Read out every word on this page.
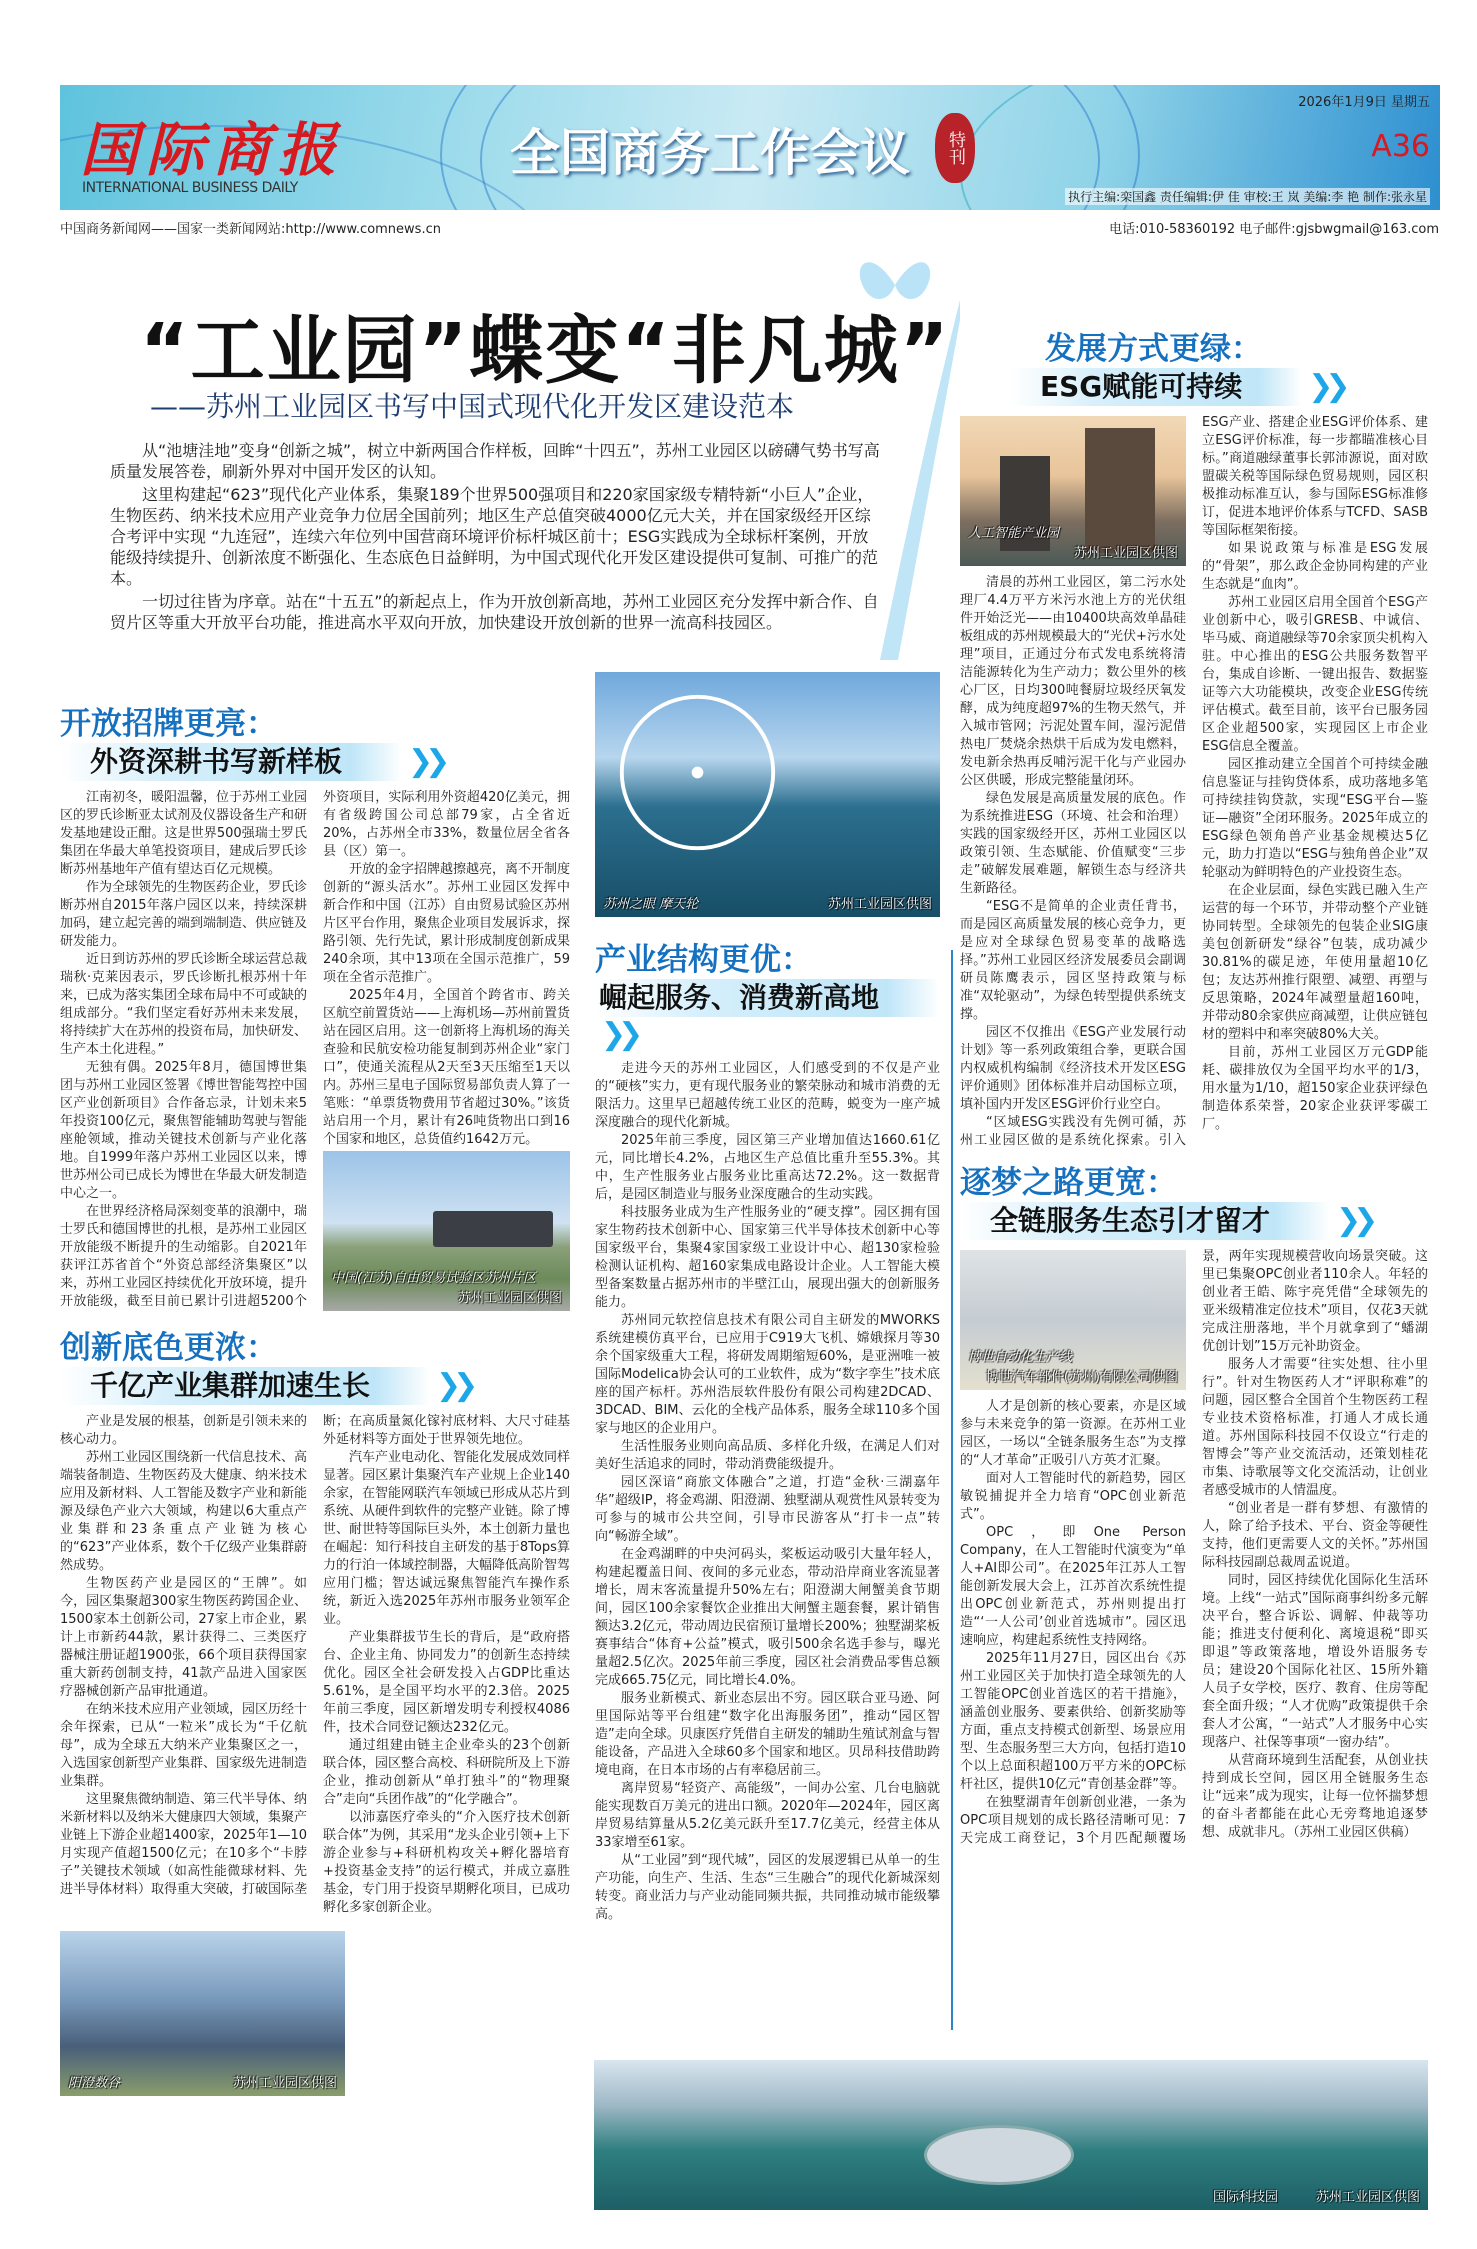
国际商报
INTERNATIONAL BUSINESS DAILY
全国商务工作会议	特刊
2026年1月9日 星期五
A36
执行主编:栾国鑫 责任编辑:伊 佳 审校:王 岚 美编:李 艳 制作:张永星
中国商务新闻网——国家一类新闻网站:http://www.comnews.cn	电话:010-58360192 电子邮件:gjsbwgmail@163.com
“工业园”蝶变“非凡城”
——苏州工业园区书写中国式现代化开发区建设范本

从“池塘洼地”变身“创新之城”，树立中新两国合作样板，回眸“十四五”，苏州工业园区以磅礴气势书写高质量发展答卷，刷新外界对中国开发区的认知。

这里构建起“623”现代化产业体系，集聚189个世界500强项目和220家国家级专精特新“小巨人”企业，生物医药、纳米技术应用产业竞争力位居全国前列；地区生产总值突破4000亿元大关，并在国家级经开区综合考评中实现 “九连冠”，连续六年位列中国营商环境评价标杆城区前十；ESG实践成为全球标杆案例，开放能级持续提升、创新浓度不断强化、生态底色日益鲜明，为中国式现代化开发区建设提供可复制、可推广的范本。

一切过往皆为序章。站在“十五五”的新起点上，作为开放创新高地，苏州工业园区充分发挥中新合作、自贸片区等重大开放平台功能，推进高水平双向开放，加快建设开放创新的世界一流高科技园区。

开放招牌更亮：
外资深耕书写新样板 ❯❯

江南初冬，暖阳温馨，位于苏州工业园区的罗氏诊断亚太试剂及仪器设备生产和研发基地建设正酣。这是世界500强瑞士罗氏集团在华最大单笔投资项目，建成后罗氏诊断苏州基地年产值有望达百亿元规模。

作为全球领先的生物医药企业，罗氏诊断苏州自2015年落户园区以来，持续深耕加码，建立起完善的端到端制造、供应链及研发能力。

近日到访苏州的罗氏诊断全球运营总裁瑞秋·克莱因表示，罗氏诊断扎根苏州十年来，已成为落实集团全球布局中不可或缺的组成部分。“我们坚定看好苏州未来发展，将持续扩大在苏州的投资布局，加快研发、生产本土化进程。”

无独有偶。2025年8月，德国博世集团与苏州工业园区签署《博世智能驾控中国区产业创新项目》合作备忘录，计划未来5年投资100亿元，聚焦智能辅助驾驶与智能座舱领域，推动关键技术创新与产业化落地。自1999年落户苏州工业园区以来，博世苏州公司已成长为博世在华最大研发制造中心之一。

在世界经济格局深刻变革的浪潮中，瑞士罗氏和德国博世的扎根，是苏州工业园区开放能级不断提升的生动缩影。自2021年获评江苏省首个“外资总部经济集聚区”以来，苏州工业园区持续优化开放环境，提升开放能级，截至目前已累计引进超5200个外资项目，实际利用外资超420亿美元，拥有省级跨国公司总部79家，占全省近20%，占苏州全市33%，数量位居全省各县（区）第一。

开放的金字招牌越擦越亮，离不开制度创新的“源头活水”。苏州工业园区发挥中新合作和中国（江苏）自由贸易试验区苏州片区平台作用，聚焦企业项目发展诉求，探路引领、先行先试，累计形成制度创新成果240余项，其中13项在全国示范推广，59项在全省示范推广。

2025年4月，全国首个跨省市、跨关区航空前置货站——上海机场—苏州前置货站在园区启用。这一创新将上海机场的海关查验和民航安检功能复制到苏州企业“家门口”，使通关流程从2天至3天压缩至1天以内。苏州三星电子国际贸易部负责人算了一笔账：“单票货物费用节省超过30%。”该货站启用一个月，累计有26吨货物出口到16个国家和地区，总货值约1642万元。

中国(江苏)自由贸易试验区苏州片区
苏州工业园区供图
创新底色更浓：
千亿产业集群加速生长 ❯❯

产业是发展的根基，创新是引领未来的核心动力。

苏州工业园区围绕新一代信息技术、高端装备制造、生物医药及大健康、纳米技术应用及新材料、人工智能及数字产业和新能源及绿色产业六大领域，构建以6大重点产业集群和23条重点产业链为核心的“623”产业体系，数个千亿级产业集群蔚然成势。

生物医药产业是园区的“王牌”。如今，园区集聚超300家生物医药跨国企业、1500家本土创新公司，27家上市企业，累计上市新药44款，累计获得二、三类医疗器械注册证超1900张，66个项目获得国家重大新药创制支持，41款产品进入国家医疗器械创新产品审批通道。

在纳米技术应用产业领域，园区历经十余年探索，已从“一粒米”成长为“千亿航母”，成为全球五大纳米产业集聚区之一，入选国家创新型产业集群、国家级先进制造业集群。

这里聚焦微纳制造、第三代半导体、纳米新材料以及纳米大健康四大领域，集聚产业链上下游企业超1400家，2025年1—10月实现产值超1500亿元；在10多个“卡脖子”关键技术领域（如高性能微球材料、先进半导体材料）取得重大突破，打破国际垄断；在高质量氮化镓衬底材料、大尺寸硅基外延材料等方面处于世界领先地位。

汽车产业电动化、智能化发展成效同样显著。园区累计集聚汽车产业规上企业140余家，在智能网联汽车领域已形成从芯片到系统、从硬件到软件的完整产业链。除了博世、耐世特等国际巨头外，本土创新力量也在崛起：知行科技自主研发的基于8Tops算力的行泊一体域控制器，大幅降低高阶智驾应用门槛；智达诚远聚焦智能汽车操作系统，新近入选2025年苏州市服务业领军企业。

产业集群拔节生长的背后，是“政府搭台、企业主角、协同发力”的创新生态持续优化。园区全社会研发投入占GDP比重达5.61%，是全国平均水平的2.3倍。2025年前三季度，园区新增发明专利授权4086件，技术合同登记额达232亿元。

通过组建由链主企业牵头的23个创新联合体，园区整合高校、科研院所及上下游企业，推动创新从“单打独斗”的“物理聚合”走向“兵团作战”的“化学融合”。

以沛嘉医疗牵头的“介入医疗技术创新联合体”为例，其采用“龙头企业引领+上下游企业参与+科研机构攻关+孵化器培育+投资基金支持”的运行模式，并成立嘉胜基金，专门用于投资早期孵化项目，已成功孵化多家创新企业。

阳澄数谷	苏州工业园区供图
苏州之眼 摩天轮	苏州工业园区供图
产业结构更优：
崛起服务、消费新高地❯❯

走进今天的苏州工业园区，人们感受到的不仅是产业的“硬核”实力，更有现代服务业的繁荣脉动和城市消费的无限活力。这里早已超越传统工业区的范畴，蜕变为一座产城深度融合的现代化新城。

2025年前三季度，园区第三产业增加值达1660.61亿元，同比增长4.2%，占地区生产总值比重升至55.3%。其中，生产性服务业占服务业比重高达72.2%。这一数据背后，是园区制造业与服务业深度融合的生动实践。

科技服务业成为生产性服务业的“硬支撑”。园区拥有国家生物药技术创新中心、国家第三代半导体技术创新中心等国家级平台，集聚4家国家级工业设计中心、超130家检验检测认证机构、超160家集成电路设计企业。人工智能大模型备案数量占据苏州市的半壁江山，展现出强大的创新服务能力。

苏州同元软控信息技术有限公司自主研发的MWORKS系统建模仿真平台，已应用于C919大飞机、嫦娥探月等30余个国家级重大工程，将研发周期缩短60%，是亚洲唯一被国际Modelica协会认可的工业软件，成为“数字孪生”技术底座的国产标杆。苏州浩辰软件股份有限公司构建2DCAD、3DCAD、BIM、云化的全栈产品体系，服务全球110多个国家与地区的企业用户。

生活性服务业则向高品质、多样化升级，在满足人们对美好生活追求的同时，带动消费能级提升。

园区深谙“商旅文体融合”之道，打造“金秋·三湖嘉年华”超级IP，将金鸡湖、阳澄湖、独墅湖从观赏性风景转变为可参与的城市公共空间，引导市民游客从“打卡一点”转向“畅游全域”。

在金鸡湖畔的中央河码头，桨板运动吸引大量年轻人，构建起覆盖日间、夜间的多元业态，带动沿岸商业客流显著增长，周末客流量提升50%左右；阳澄湖大闸蟹美食节期间，园区100余家餐饮企业推出大闸蟹主题套餐，累计销售额达3.2亿元，带动周边民宿预订量增长200%；独墅湖桨板赛事结合“体育+公益”模式，吸引500余名选手参与，曝光量超2.5亿次。2025年前三季度，园区社会消费品零售总额完成665.75亿元，同比增长4.0%。

服务业新模式、新业态层出不穷。园区联合亚马逊、阿里国际站等平台组建“数字化出海服务团”，推动“园区智造”走向全球。贝康医疗凭借自主研发的辅助生殖试剂盒与智能设备，产品进入全球60多个国家和地区。贝昂科技借助跨境电商，在日本市场的占有率稳居前三。

离岸贸易“轻资产、高能级”，一间办公室、几台电脑就能实现数百万美元的进出口额。2020年—2024年，园区离岸贸易结算量从5.2亿美元跃升至17.7亿美元，经营主体从33家增至61家。

从“工业园”到“现代城”，园区的发展逻辑已从单一的生产功能，向生产、生活、生态“三生融合”的现代化新城深刻转变。商业活力与产业动能同频共振，共同推动城市能级攀高。

发展方式更绿：
ESG赋能可持续 ❯❯
人工智能产业园
苏州工业园区供图

清晨的苏州工业园区，第二污水处理厂4.4万平方米污水池上方的光伏组件开始泛光——由10400块高效单晶硅板组成的苏州规模最大的“光伏+污水处理”项目，正通过分布式发电系统将清洁能源转化为生产动力；数公里外的核心厂区，日均300吨餐厨垃圾经厌氧发酵，成为纯度超97%的生物天然气，并入城市管网；污泥处置车间，湿污泥借热电厂焚烧余热烘干后成为发电燃料，发电新余热再反哺污泥干化与产业园办公区供暖，形成完整能量闭环。

绿色发展是高质量发展的底色。作为系统推进ESG（环境、社会和治理）实践的国家级经开区，苏州工业园区以政策引领、生态赋能、价值赋变“三步走”破解发展难题，解锁生态与经济共生新路径。

“ESG不是简单的企业责任背书，而是园区高质量发展的核心竞争力，更是应对全球绿色贸易变革的战略选择。”苏州工业园区经济发展委员会副调研员陈鹰表示，园区坚持政策与标准“双轮驱动”，为绿色转型提供系统支撑。

园区不仅推出《ESG产业发展行动计划》等一系列政策组合拳，更联合国内权威机构编制《经济技术开发区ESG评价通则》团体标准并启动国标立项，填补国内开发区ESG评价行业空白。

“区域ESG实践没有先例可循，苏州工业园区做的是系统化探索。引入ESG产业、搭建企业ESG评价体系、建立ESG评价标准，每一步都瞄准核心目标。”商道融绿董事长郭沛源说，面对欧盟碳关税等国际绿色贸易规则，园区积极推动标准互认，参与国际ESG标准修订，促进本地评价体系与TCFD、SASB等国际框架衔接。

如果说政策与标准是ESG发展的“骨架”，那么政企金协同构建的产业生态就是“血肉”。

苏州工业园区启用全国首个ESG产业创新中心，吸引GRESB、中诚信、毕马威、商道融绿等70余家顶尖机构入驻。中心推出的ESG公共服务数智平台，集成自诊断、一键出报告、数据鉴证等六大功能模块，改变企业ESG传统评估模式。截至目前，该平台已服务园区企业超500家，实现园区上市企业ESG信息全覆盖。

园区推动建立全国首个可持续金融信息鉴证与挂钩贷体系，成功落地多笔可持续挂钩贷款，实现“ESG平台—鉴证—融资”全闭环服务。2025年成立的ESG绿色领角兽产业基金规模达5亿元，助力打造以“ESG与独角兽企业”双轮驱动为鲜明特色的产业投资生态。

在企业层面，绿色实践已融入生产运营的每一个环节，并带动整个产业链协同转型。全球领先的包装企业SIG康美包创新研发“绿谷”包装，成功减少30.81%的碳足迹，年使用量超10亿包；友达苏州推行限塑、减塑、再塑与反思策略，2024年减塑量超160吨，并带动80余家供应商减塑，让供应链包材的塑料中和率突破80%大关。

目前，苏州工业园区万元GDP能耗、碳排放仅为全国平均水平的1/3，用水量为1/10，超150家企业获评绿色制造体系荣誉，20家企业获评零碳工厂。

逐梦之路更宽：
全链服务生态引才留才 ❯❯
博世自动化生产线
博世汽车部件(苏州)有限公司供图

人才是创新的核心要素，亦是区域参与未来竞争的第一资源。在苏州工业园区，一场以“全链条服务生态”为支撑的“人才革命”正吸引八方英才汇聚。

面对人工智能时代的新趋势，园区敏锐捕捉并全力培育“OPC创业新范式”。

OPC，即One Person Company，在人工智能时代演变为“单人+AI即公司”。在2025年江苏人工智能创新发展大会上，江苏首次系统性提出OPC创业新范式，苏州则提出打造“‘一人公司’创业首选城市”。园区迅速响应，构建起系统性支持网络。

2025年11月27日，园区出台《苏州工业园区关于加快打造全球领先的人工智能OPC创业首选区的若干措施》，涵盖创业服务、要素供给、创新奖励等方面，重点支持模式创新型、场景应用型、生态服务型三大方向，包括打造10个以上总面积超100万平方米的OPC标杆社区，提供10亿元“青创基金群”等。

在独墅湖青年创新创业港，一条为OPC项目规划的成长路径清晰可见：7天完成工商登记，3个月匹配颠覆场景，两年实现规模营收向场景突破。这里已集聚OPC创业者110余人。年轻的创业者王皓、陈宇亮凭借“全球领先的亚米级精准定位技术”项目，仅花3天就完成注册落地，半个月就拿到了“蟠湖优创计划”15万元补助资金。

服务人才需要“往实处想、往小里行”。针对生物医药人才“评职称难”的问题，园区整合全国首个生物医药工程专业技术资格标准，打通人才成长通道。苏州国际科技园不仅设立“行走的智博会”等产业交流活动，还策划桂花市集、诗歌展等文化交流活动，让创业者感受城市的人情温度。

“创业者是一群有梦想、有激情的人，除了给予技术、平台、资金等硬性支持，他们更需要人文的关怀。”苏州国际科技园副总裁周孟说道。

同时，园区持续优化国际化生活环境。上线“一站式”国际商事纠纷多元解决平台，整合诉讼、调解、仲裁等功能；推进支付便利化、离境退税“即买即退”等政策落地，增设外语服务专员；建设20个国际化社区、15所外籍人员子女学校，医疗、教育、住房等配套全面升级；“人才优购”政策提供千余套人才公寓，“一站式”人才服务中心实现落户、社保等事项“一窗办结”。

从营商环境到生活配套，从创业扶持到成长空间，园区用全链服务生态让“远来”成为现实，让每一位怀揣梦想的奋斗者都能在此心无旁骛地追逐梦想、成就非凡。（苏州工业园区供稿）

国际科技园	苏州工业园区供图
